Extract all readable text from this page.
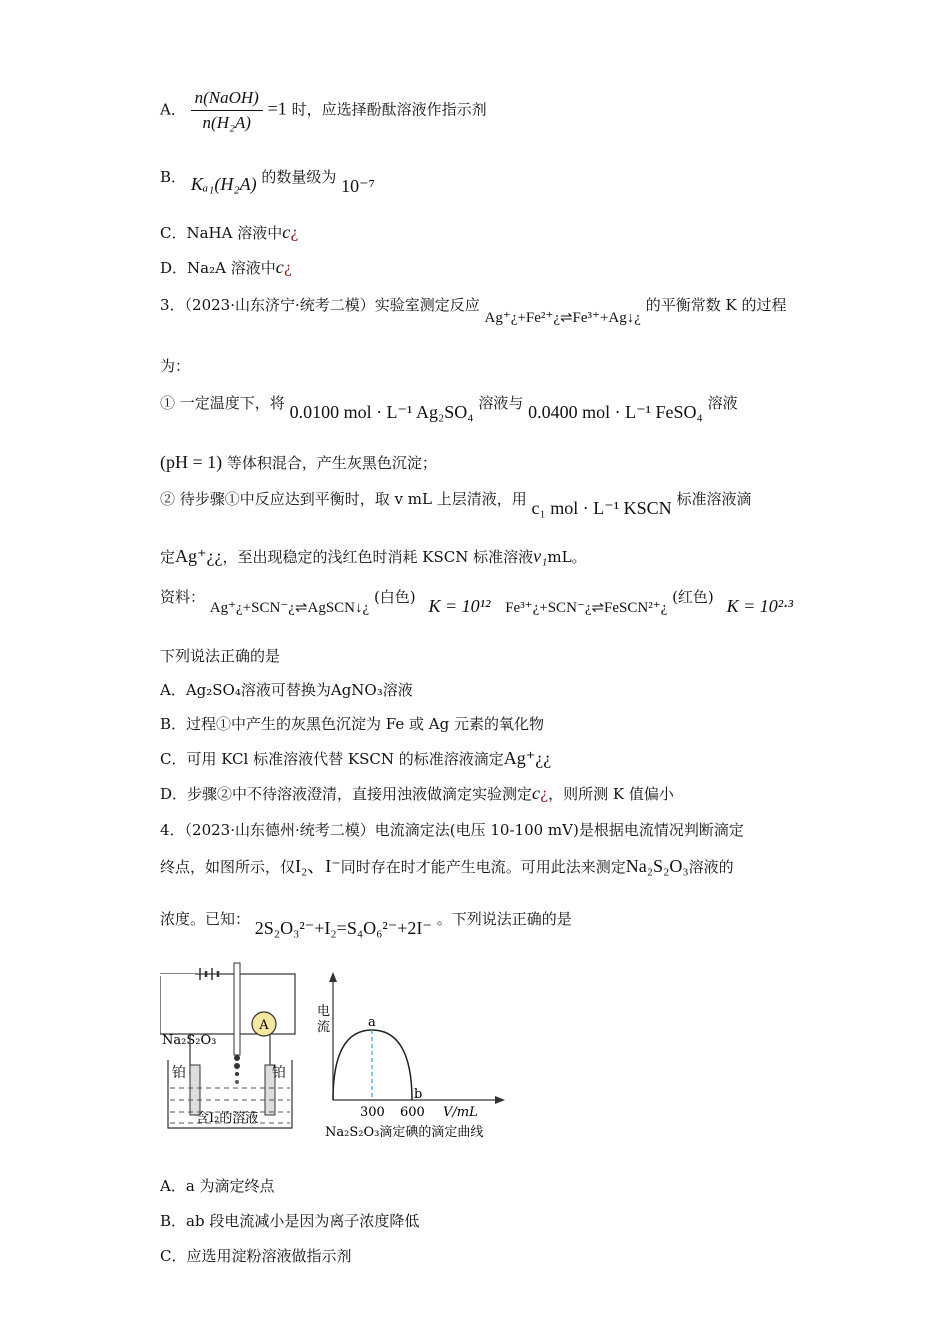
A． $\frac{\text{n(NaOH)}}{\text{n(H₂A)}} =1$ 时，应选择酚酞溶液作指示剂
B． Kₐ₁(H₂A) 的数量级为 10⁻⁷
C．NaHA 溶液中c¿
D．Na₂A 溶液中c¿
3．（2023·山东济宁·统考二模）实验室测定反应 Ag⁺¿+Fe²⁺¿⇌Fe³⁺+Ag↓¿ 的平衡常数 K 的过程
为：
① 一定温度下，将 0.0100 mol · L⁻¹ Ag₂SO₄ 溶液与 0.0400 mol · L⁻¹ FeSO₄ 溶液
(pH = 1) 等体积混合，产生灰黑色沉淀；
② 待步骤①中反应达到平衡时，取 v mL 上层清液，用 c₁ mol · L⁻¹ KSCN 标准溶液滴
定Ag⁺¿¿，至出现稳定的浅红色时消耗 KSCN 标准溶液v₁mL。
资料： Ag⁺¿+SCN⁻¿⇌AgSCN↓¿ (白色) K = 10¹² Fe³⁺¿+SCN⁻¿⇌FeSCN²⁺¿ (红色) K = 10²·³
下列说法正确的是
A．Ag₂SO₄溶液可替换为AgNO₃溶液
B．过程①中产生的灰黑色沉淀为 Fe 或 Ag 元素的氧化物
C．可用 KCl 标准溶液代替 KSCN 的标准溶液滴定Ag⁺¿¿
D．步骤②中不待溶液澄清，直接用浊液做滴定实验测定c¿，则所测 K 值偏小
4．（2023·山东德州·统考二模）电流滴定法(电压 10-100 mV)是根据电流情况判断滴定
终点，如图所示，仅I₂、I⁻同时存在时才能产生电流。可用此法来测定Na₂S₂O₃溶液的
浓度。已知： 2S₂O₃²⁻+I₂=S₄O₆²⁻+2I⁻ 。下列说法正确的是
A
Na₂S₂O₃
铂	铂
含I₂的溶液
电
流	a
b
300 600 V/mL
Na₂S₂O₃滴定碘的滴定曲线
A．a 为滴定终点
B．ab 段电流减小是因为离子浓度降低
C．应选用淀粉溶液做指示剂
